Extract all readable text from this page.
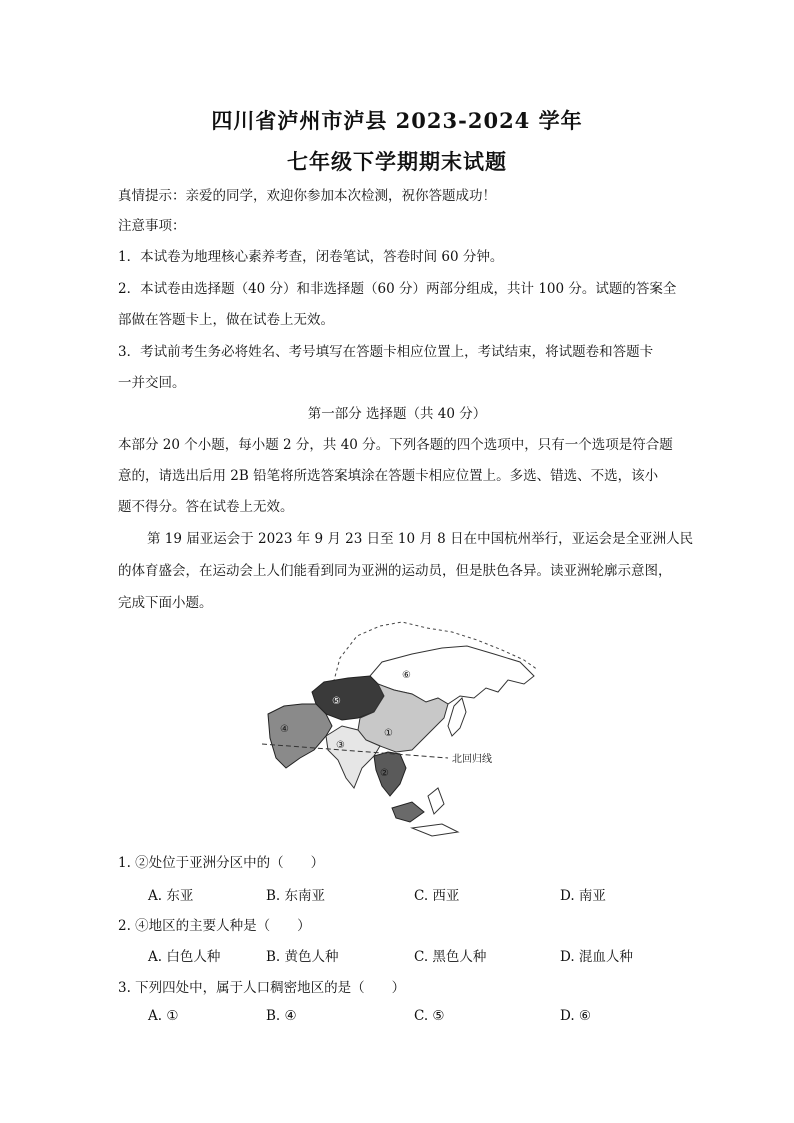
四川省泸州市泸县 2023-2024 学年
七年级下学期期末试题
真情提示：亲爱的同学，欢迎你参加本次检测，祝你答题成功！
注意事项：
1．本试卷为地理核心素养考查，闭卷笔试，答卷时间 60 分钟。
2．本试卷由选择题（40 分）和非选择题（60 分）两部分组成，共计 100 分。试题的答案全
部做在答题卡上，做在试卷上无效。
3．考试前考生务必将姓名、考号填写在答题卡相应位置上，考试结束，将试题卷和答题卡
一并交回。
第一部分 选择题（共 40 分）
本部分 20 个小题，每小题 2 分，共 40 分。下列各题的四个选项中，只有一个选项是符合题
意的，请选出后用 2B 铅笔将所选答案填涂在答题卡相应位置上。多选、错选、不选，该小
题不得分。答在试卷上无效。
第 19 届亚运会于 2023 年 9 月 23 日至 10 月 8 日在中国杭州举行，亚运会是全亚洲人民
的体育盛会，在运动会上人们能看到同为亚洲的运动员，但是肤色各异。读亚洲轮廓示意图，
完成下面小题。
北回归线
①
②
③
④
⑤
⑥
1. ②处位于亚洲分区中的（　　）
A. 东亚	B. 东南亚	C. 西亚	D. 南亚
2. ④地区的主要人种是（　　）
A. 白色人种	B. 黄色人种	C. 黑色人种	D. 混血人种
3. 下列四处中，属于人口稠密地区的是（　　）
A. ①	B. ④	C. ⑤	D. ⑥
